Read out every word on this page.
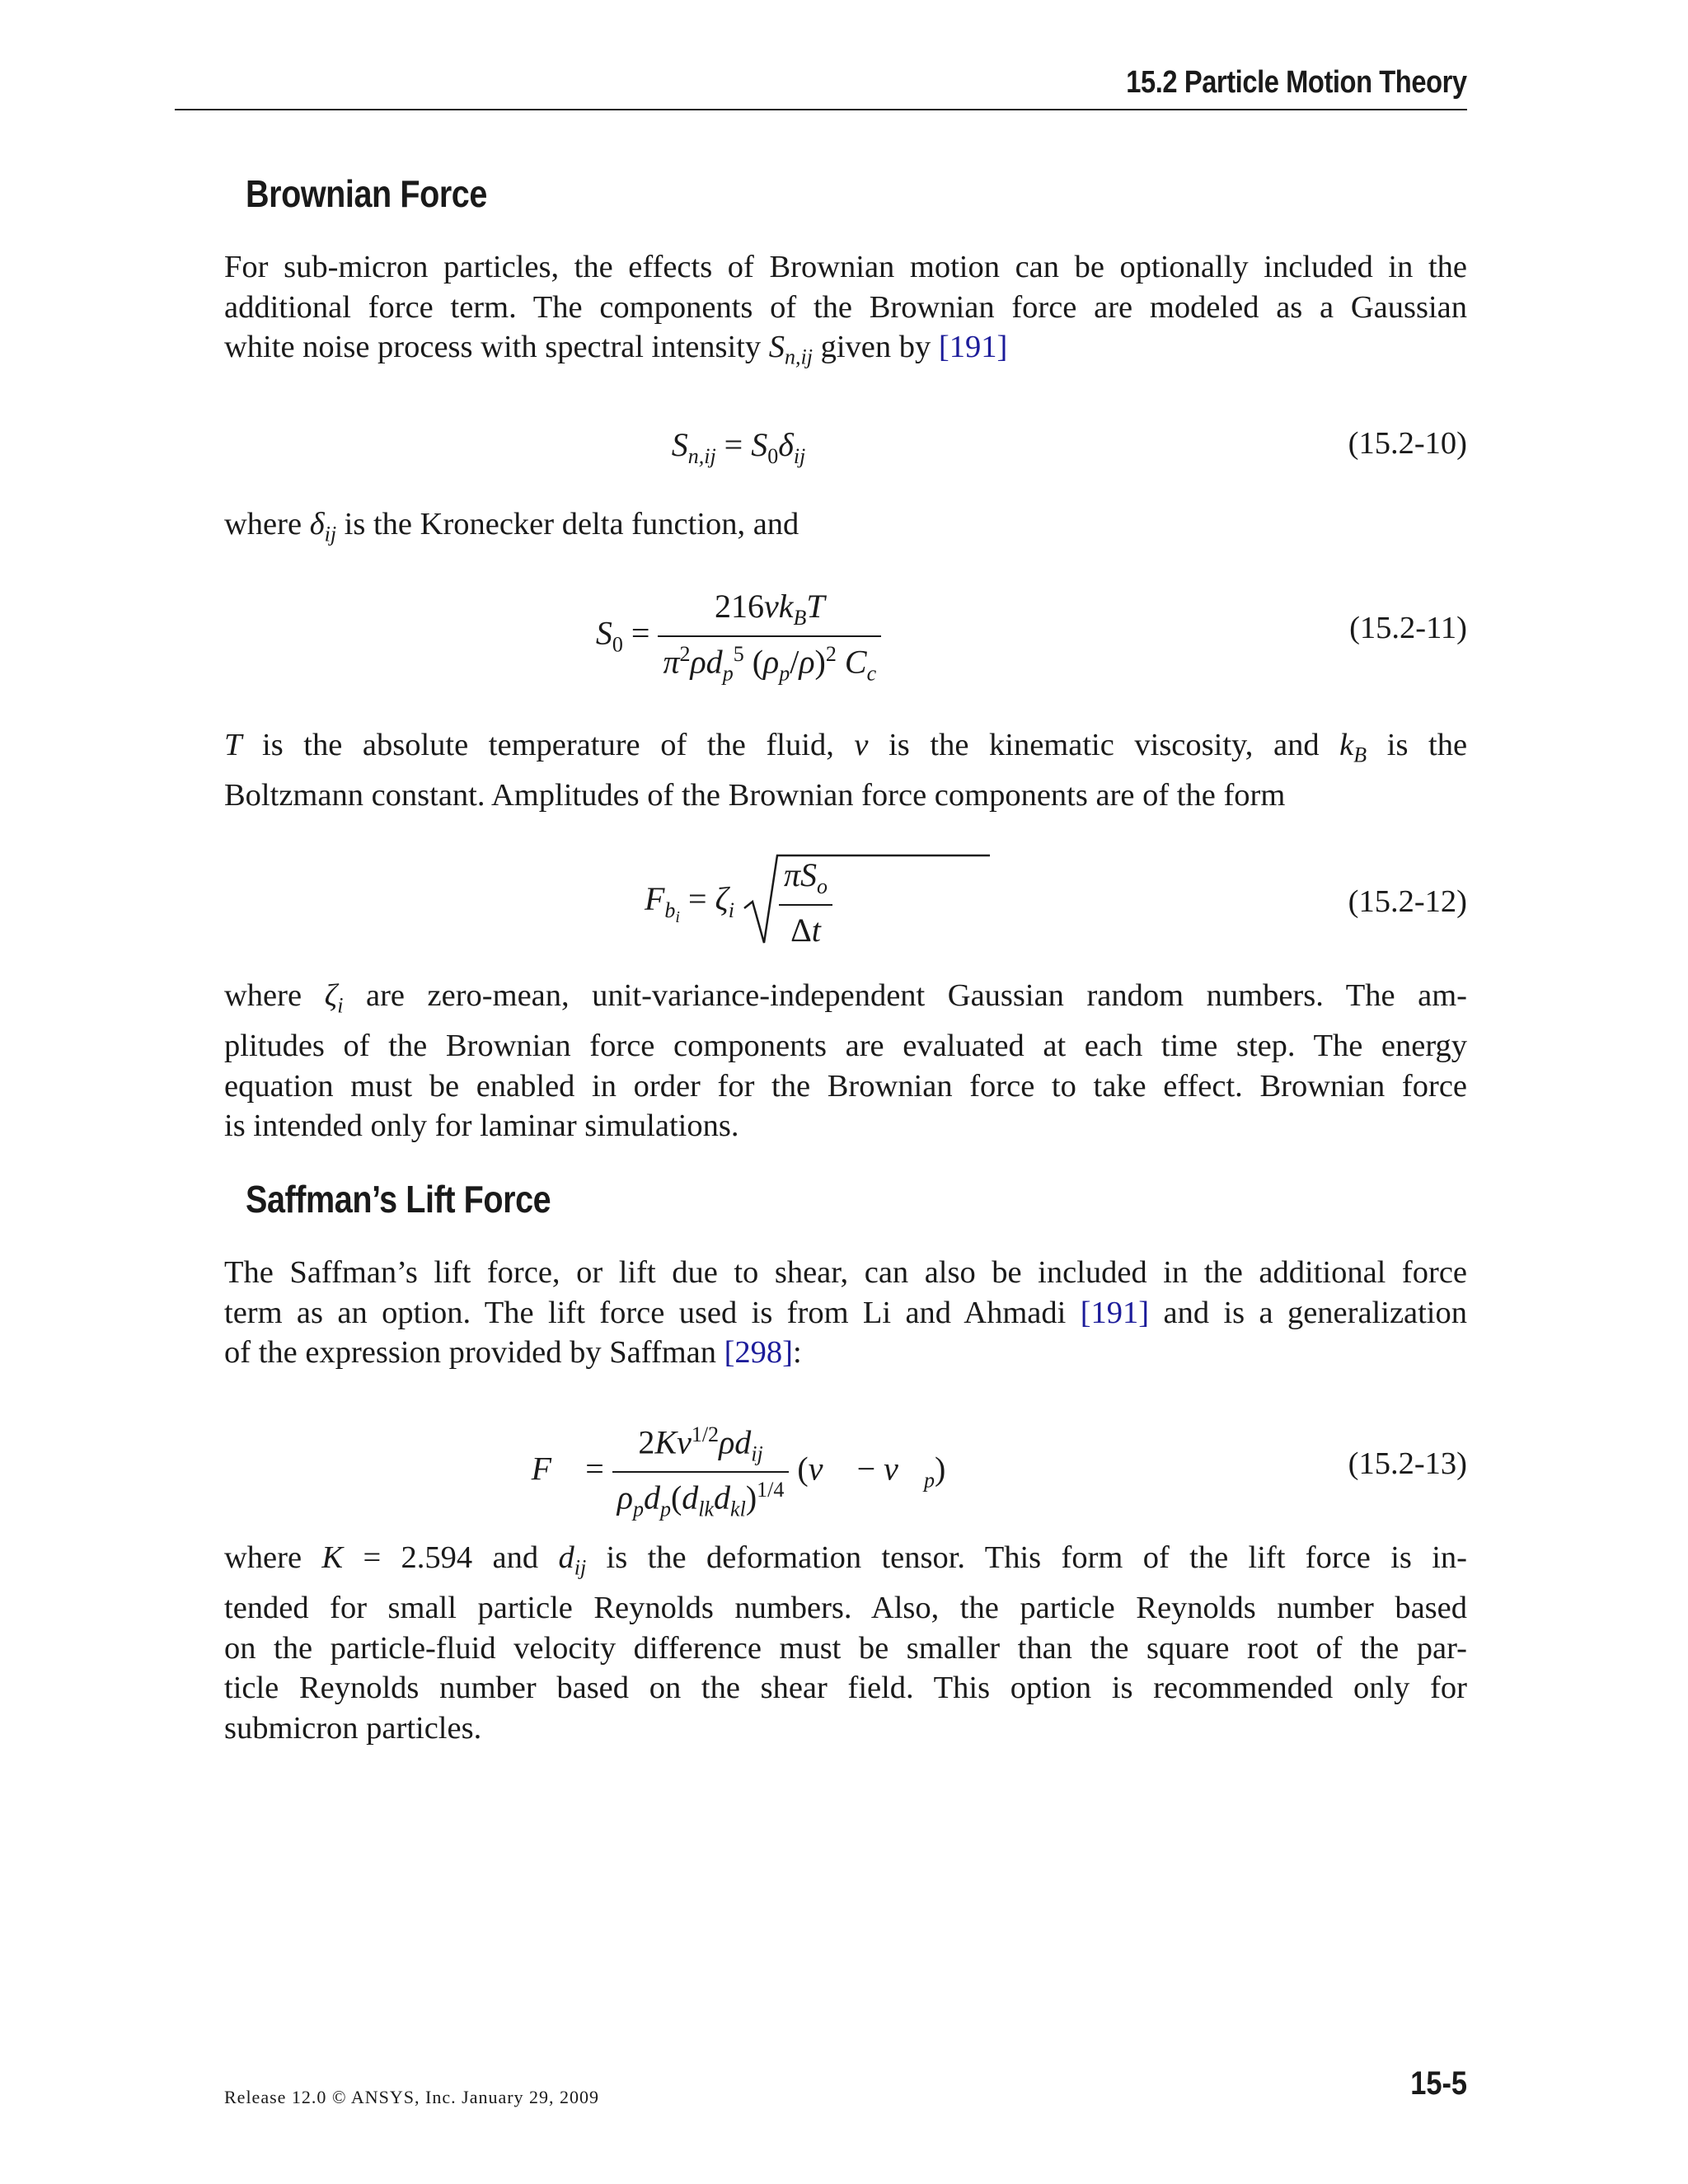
15.2 Particle Motion Theory
Brownian Force
For sub-micron particles, the effects of Brownian motion can be optionally included in the
additional force term. The components of the Brownian force are modeled as a Gaussian
white noise process with spectral intensity $S_{n,ij}$ given by [191]
$S_{n,ij} = S_0\delta_{ij}$	(15.2-10)
where $\delta_{ij}$ is the Kronecker delta function, and
$S_0 = \frac{216\nu k_BT}{\pi^2\rho d_p^5 (\rho_p/\rho)^2 C_c}$	(15.2-11)
T is the absolute temperature of the fluid, ν is the kinematic viscosity, and $k_B$ is the
Boltzmann constant. Amplitudes of the Brownian force components are of the form
$F_{b_i} = \zeta_i \frac{\pi S_o}{\Delta t}$	(15.2-12)
where $\zeta_i$ are zero-mean, unit-variance-independent Gaussian random numbers. The am-
plitudes of the Brownian force components are evaluated at each time step. The energy
equation must be enabled in order for the Brownian force to take effect. Brownian force
is intended only for laminar simulations.
Saffman’s Lift Force
The Saffman’s lift force, or lift due to shear, can also be included in the additional force
term as an option. The lift force used is from Li and Ahmadi [191] and is a generalization
of the expression provided by Saffman [298]:
F⃗ = $\frac{2K\nu^{1/2}\rho d_{ij}}{\rho_pd_p(d_{lk}d_{kl})^{1/4}}$ (v⃗ − $v⃗_p$)	(15.2-13)
where K = 2.594 and $d_{ij}$ is the deformation tensor. This form of the lift force is in-
tended for small particle Reynolds numbers. Also, the particle Reynolds number based
on the particle-fluid velocity difference must be smaller than the square root of the par-
ticle Reynolds number based on the shear field. This option is recommended only for
submicron particles.
Release 12.0 © ANSYS, Inc. January 29, 2009	15-5
